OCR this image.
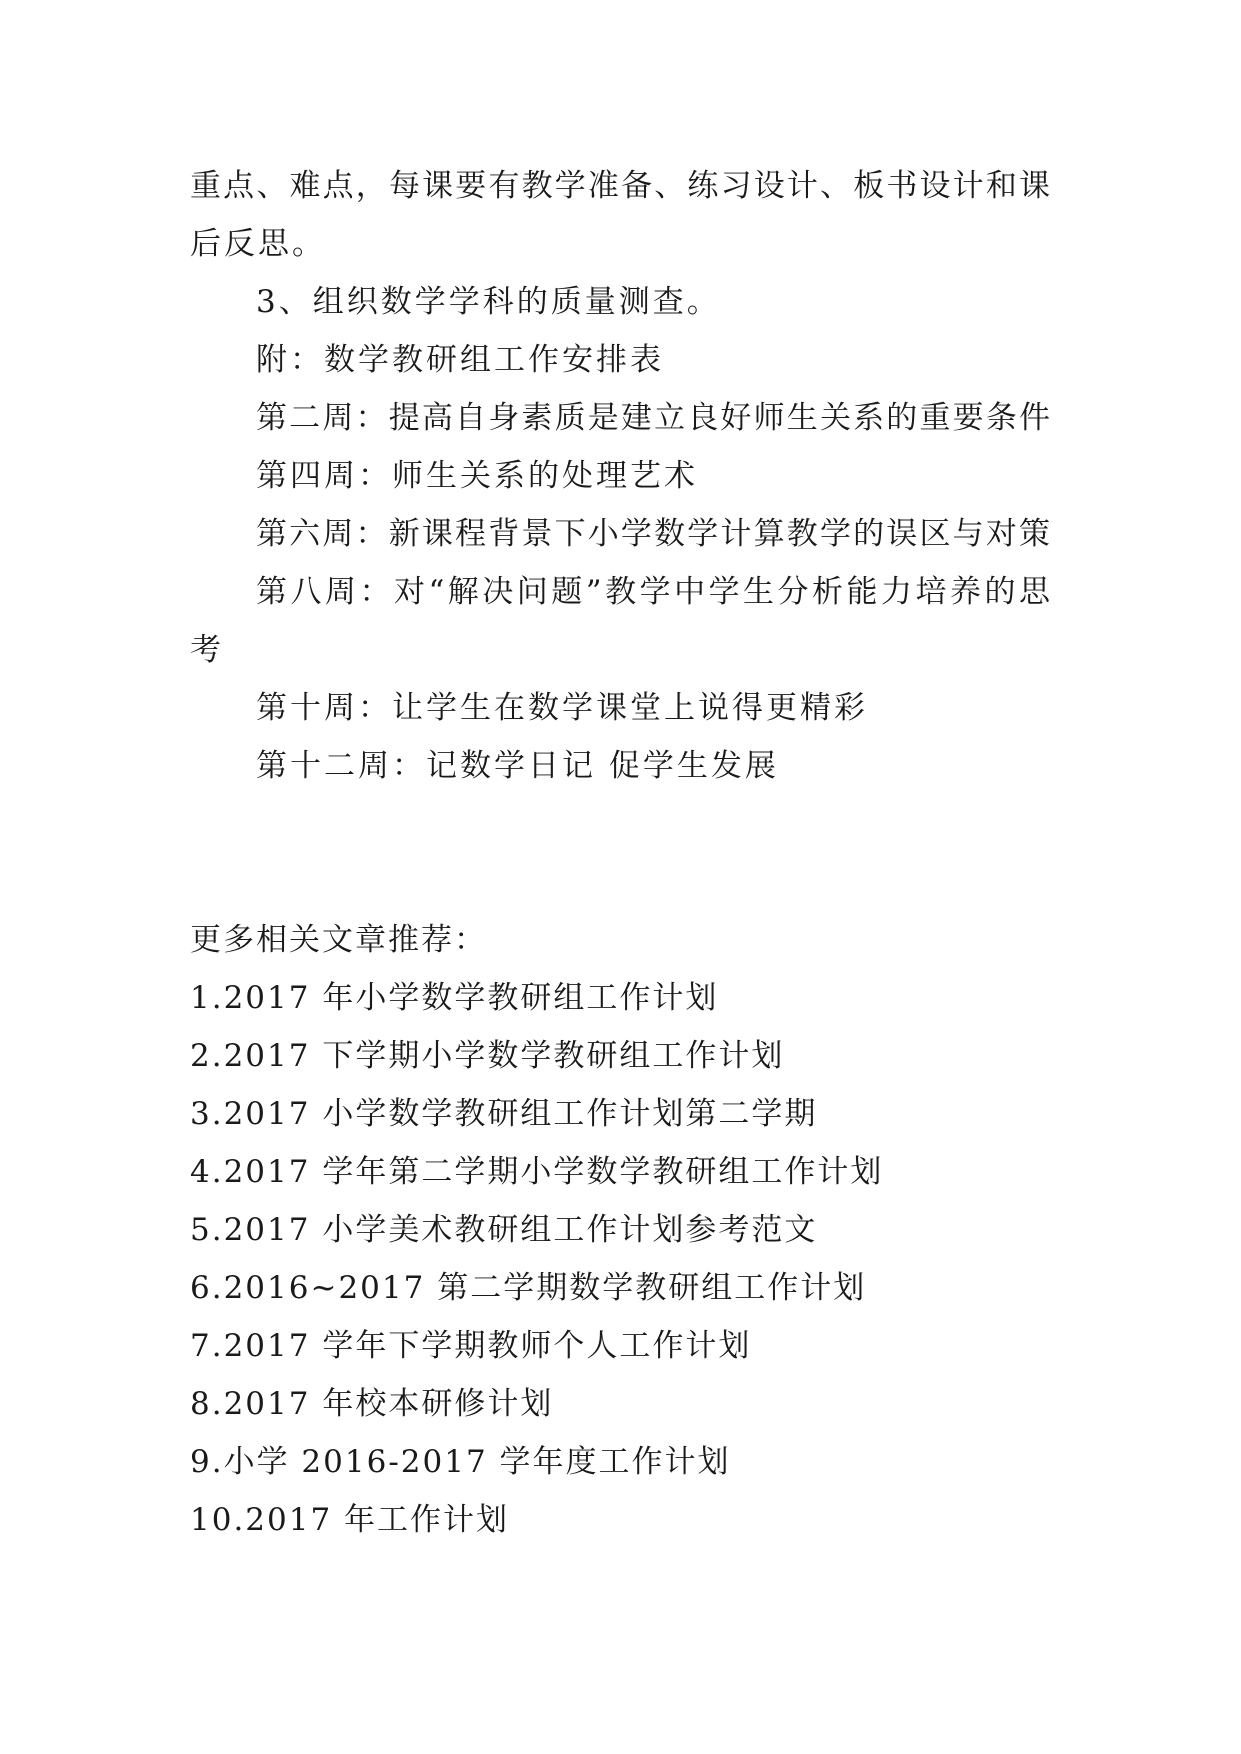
重点、难点，每课要有教学准备、练习设计、板书设计和课
后反思。
3、组织数学学科的质量测查。
附：数学教研组工作安排表
第二周：提高自身素质是建立良好师生关系的重要条件
第四周：师生关系的处理艺术
第六周：新课程背景下小学数学计算教学的误区与对策
第八周：对“解决问题”教学中学生分析能力培养的思
考
第十周：让学生在数学课堂上说得更精彩
第十二周：记数学日记 促学生发展
更多相关文章推荐：
1.2017 年小学数学教研组工作计划
2.2017 下学期小学数学教研组工作计划
3.2017 小学数学教研组工作计划第二学期
4.2017 学年第二学期小学数学教研组工作计划
5.2017 小学美术教研组工作计划参考范文
6.2016~2017 第二学期数学教研组工作计划
7.2017 学年下学期教师个人工作计划
8.2017 年校本研修计划
9.小学 2016-2017 学年度工作计划
10.2017 年工作计划
